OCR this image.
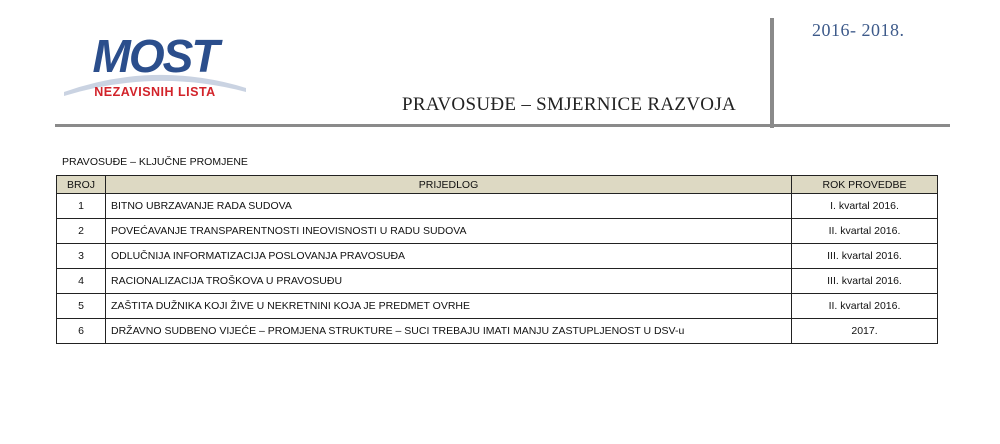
MOST
NEZAVISNIH LISTA
2016- 2018.
PRAVOSUĐE – SMJERNICE RAZVOJA
PRAVOSUĐE – KLJUČNE PROMJENE
BROJ	PRIJEDLOG	ROK PROVEDBE
1	BITNO UBRZAVANJE RADA SUDOVA	I. kvartal 2016.
2	POVEĆAVANJE TRANSPARENTNOSTI INEOVISNOSTI U RADU SUDOVA	II. kvartal 2016.
3	ODLUČNIJA INFORMATIZACIJA POSLOVANJA PRAVOSUĐA	III. kvartal 2016.
4	RACIONALIZACIJA TROŠKOVA U PRAVOSUĐU	III. kvartal 2016.
5	ZAŠTITA DUŽNIKA KOJI ŽIVE U NEKRETNINI KOJA JE PREDMET OVRHE	II. kvartal 2016.
6	DRŽAVNO SUDBENO VIJEĆE – PROMJENA STRUKTURE – SUCI TREBAJU IMATI MANJU ZASTUPLJENOST U DSV-u	2017.
